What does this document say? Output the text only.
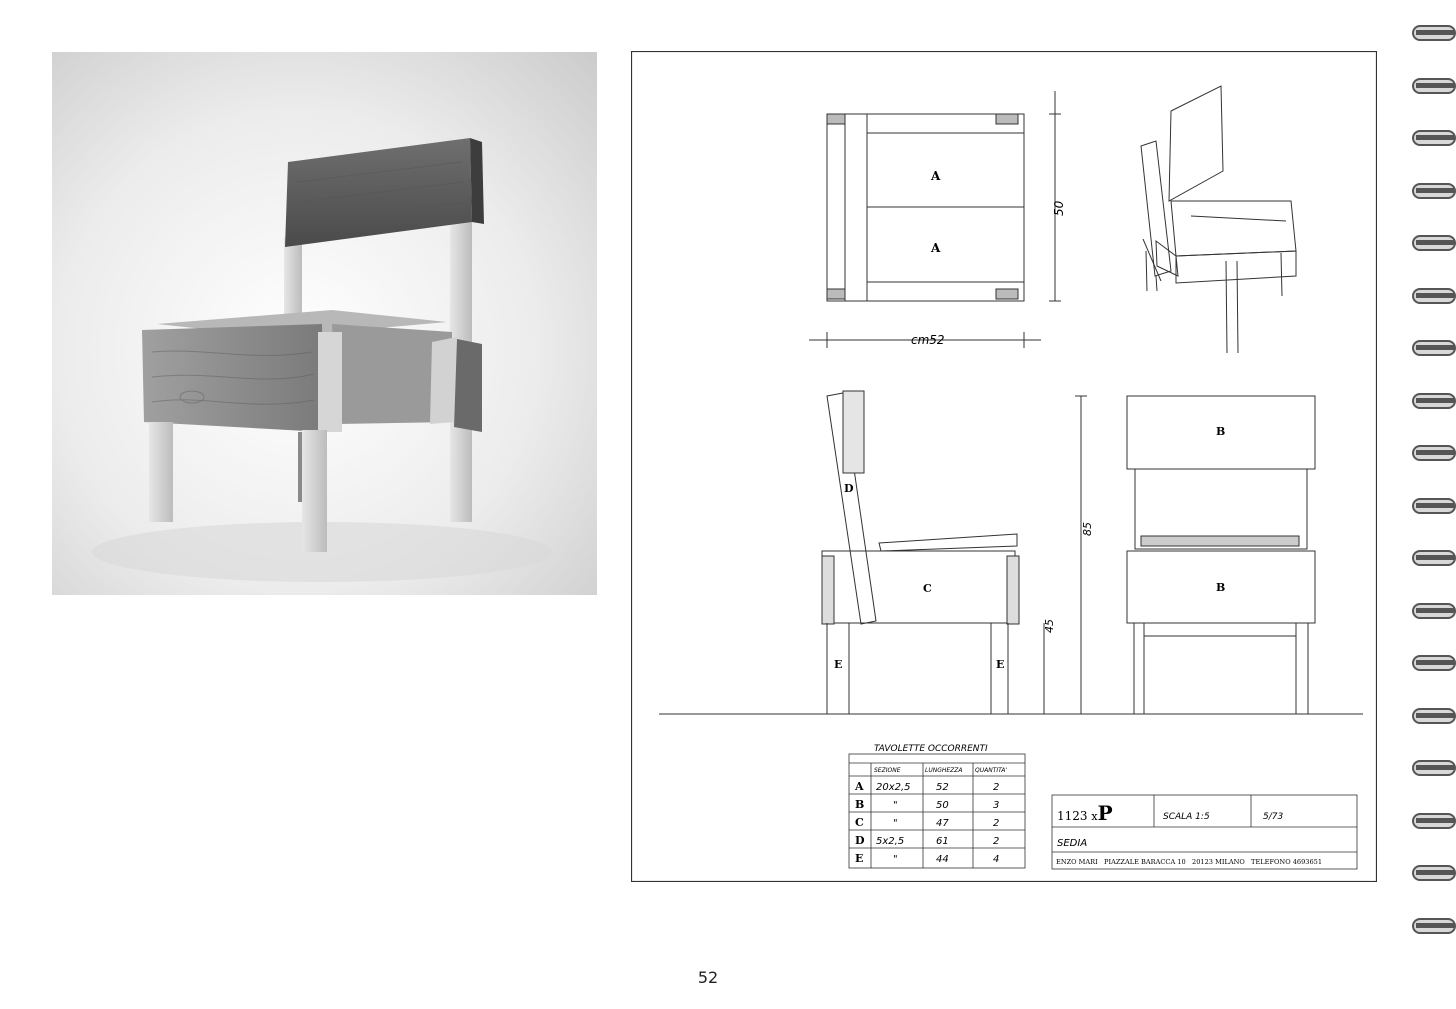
A
A
50
cm52
D
C
E	E
85
45
B
B
TAVOLETTE OCCORRENTI
SEZIONE	LUNGHEZZA QUANTITA'
A 20x2,5	52	2
B	"	50	3
C	"	47	2
D 5x2,5	61	2
E	"	44	4
1123 xP	SCALA 1:5	5/73
SEDIA
ENZO MARI   PIAZZALE BARACCA 10   20123 MILANO   TELEFONO 4693651
52
